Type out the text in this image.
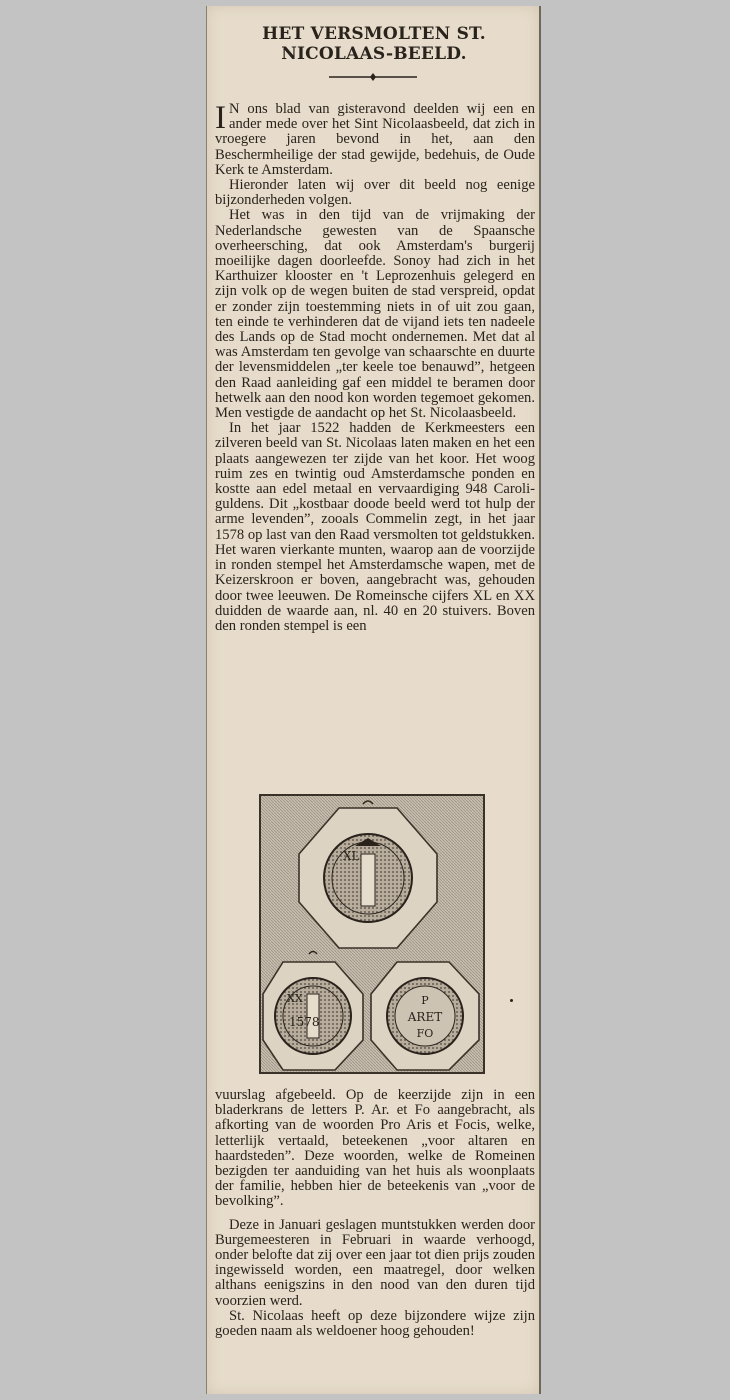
HET VERSMOLTEN ST. NICOLAAS-BEELD.

I N ons blad van gisteravond deelden wij een en ander mede over het Sint Nicolaasbeeld, dat zich in vroegere jaren bevond in het, aan den Beschermheilige der stad gewijde, bedehuis, de Oude Kerk te Amsterdam.

Hieronder laten wij over dit beeld nog eenige bijzonderheden volgen.

Het was in den tijd van de vrijmaking der Nederlandsche gewesten van de Spaansche overheersching, dat ook Amsterdam's burgerij moeilijke dagen doorleefde. Sonoy had zich in het Karthuizer klooster en 't Leprozenhuis gelegerd en zijn volk op de wegen buiten de stad verspreid, opdat er zonder zijn toestemming niets in of uit zou gaan, ten einde te verhinderen dat de vijand iets ten nadeele des Lands op de Stad mocht ondernemen. Met dat al was Amsterdam ten gevolge van schaarschte en duurte der levensmiddelen „ter keele toe benauwd”, hetgeen den Raad aanleiding gaf een middel te beramen door hetwelk aan den nood kon worden tegemoet gekomen. Men vestigde de aandacht op het St. Nicolaasbeeld.

In het jaar 1522 hadden de Kerkmeesters een zilveren beeld van St. Nicolaas laten maken en het een plaats aangewezen ter zijde van het koor. Het woog ruim zes en twintig oud Amsterdamsche ponden en kostte aan edel metaal en vervaardiging 948 Caroli-guldens. Dit „kostbaar doode beeld werd tot hulp der arme levenden”, zooals Commelin zegt, in het jaar 1578 op last van den Raad versmolten tot geldstukken. Het waren vierkante munten, waarop aan de voorzijde in ronden stempel het Amsterdamsche wapen, met de Keizerskroon er boven, aangebracht was, gehouden door twee leeuwen. De Romeinsche cijfers XL en XX duidden de waarde aan, nl. 40 en 20 stuivers. Boven den ronden stempel is een

XL
XX
1578
P
ARET
FO

vuurslag afgebeeld. Op de keerzijde zijn in een bladerkrans de letters P. Ar. et Fo aangebracht, als afkorting van de woorden Pro Aris et Focis, welke, letterlijk vertaald, beteekenen „voor altaren en haardsteden”. Deze woorden, welke de Romeinen bezigden ter aanduiding van het huis als woonplaats der familie, hebben hier de beteekenis van „voor de bevolking”.

Deze in Januari geslagen muntstukken werden door Burgemeesteren in Februari in waarde verhoogd, onder belofte dat zij over een jaar tot dien prijs zouden ingewisseld worden, een maatregel, door welken althans eenigszins in den nood van den duren tijd voorzien werd.

St. Nicolaas heeft op deze bijzondere wijze zijn goeden naam als weldoener hoog gehouden!
